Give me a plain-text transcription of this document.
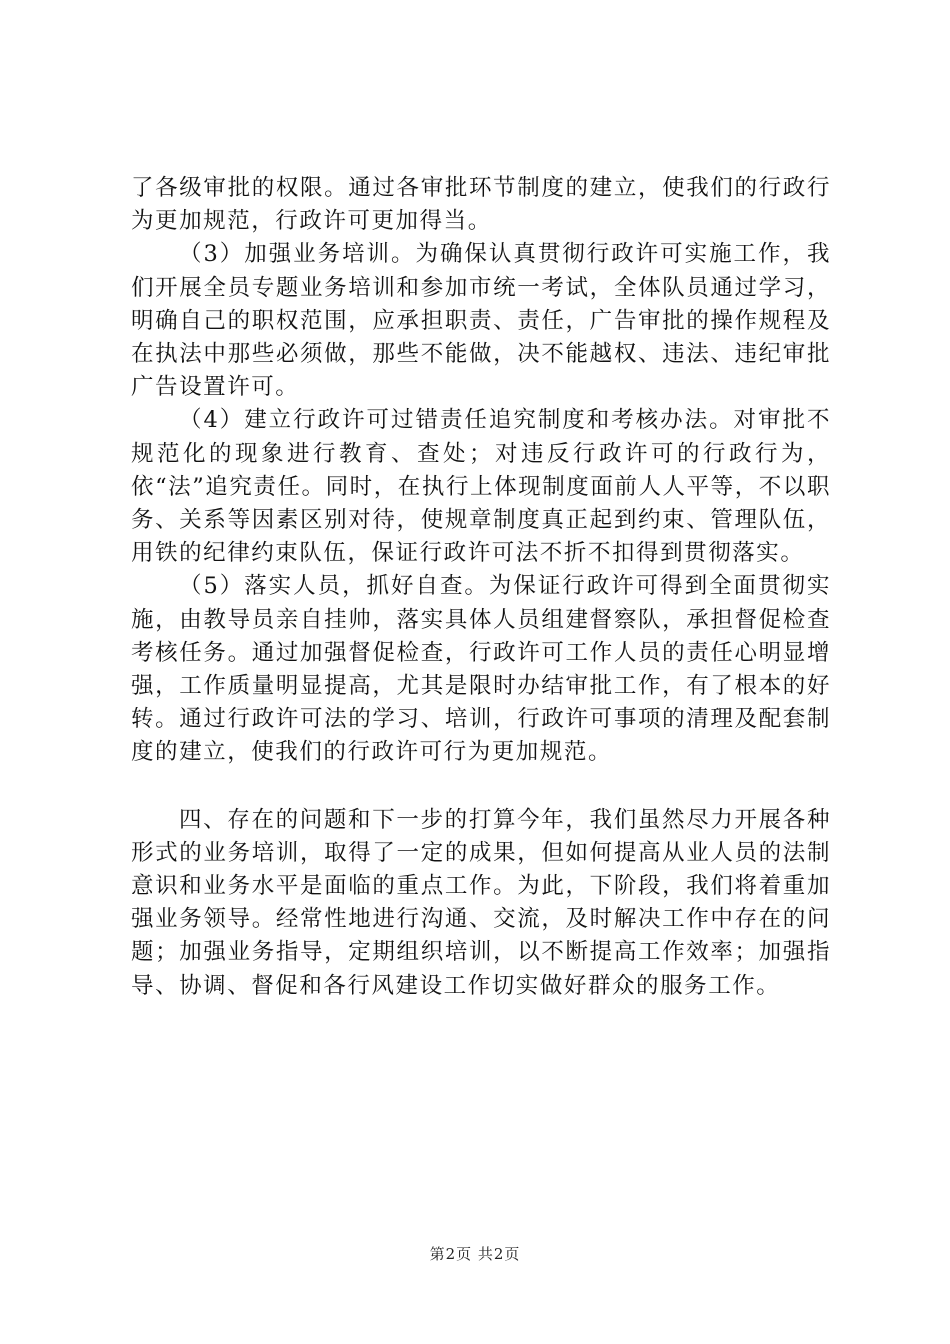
了各级审批的权限。通过各审批环节制度的建立，使我们的行政行为更加规范，行政许可更加得当。

（3）加强业务培训。为确保认真贯彻行政许可实施工作，我们开展全员专题业务培训和参加市统一考试，全体队员通过学习，明确自己的职权范围，应承担职责、责任，广告审批的操作规程及在执法中那些必须做，那些不能做，决不能越权、违法、违纪审批广告设置许可。

（4）建立行政许可过错责任追究制度和考核办法。对审批不规范化的现象进行教育、查处；对违反行政许可的行政行为，依“法”追究责任。同时，在执行上体现制度面前人人平等，不以职务、关系等因素区别对待，使规章制度真正起到约束、管理队伍，用铁的纪律约束队伍，保证行政许可法不折不扣得到贯彻落实。

（5）落实人员，抓好自查。为保证行政许可得到全面贯彻实施，由教导员亲自挂帅，落实具体人员组建督察队，承担督促检查考核任务。通过加强督促检查，行政许可工作人员的责任心明显增强，工作质量明显提高，尤其是限时办结审批工作，有了根本的好转。通过行政许可法的学习、培训，行政许可事项的清理及配套制度的建立，使我们的行政许可行为更加规范。

四、存在的问题和下一步的打算今年，我们虽然尽力开展各种形式的业务培训，取得了一定的成果，但如何提高从业人员的法制意识和业务水平是面临的重点工作。为此，下阶段，我们将着重加强业务领导。经常性地进行沟通、交流，及时解决工作中存在的问题；加强业务指导，定期组织培训，以不断提高工作效率；加强指导、协调、督促和各行风建设工作切实做好群众的服务工作。

第2页 共2页
